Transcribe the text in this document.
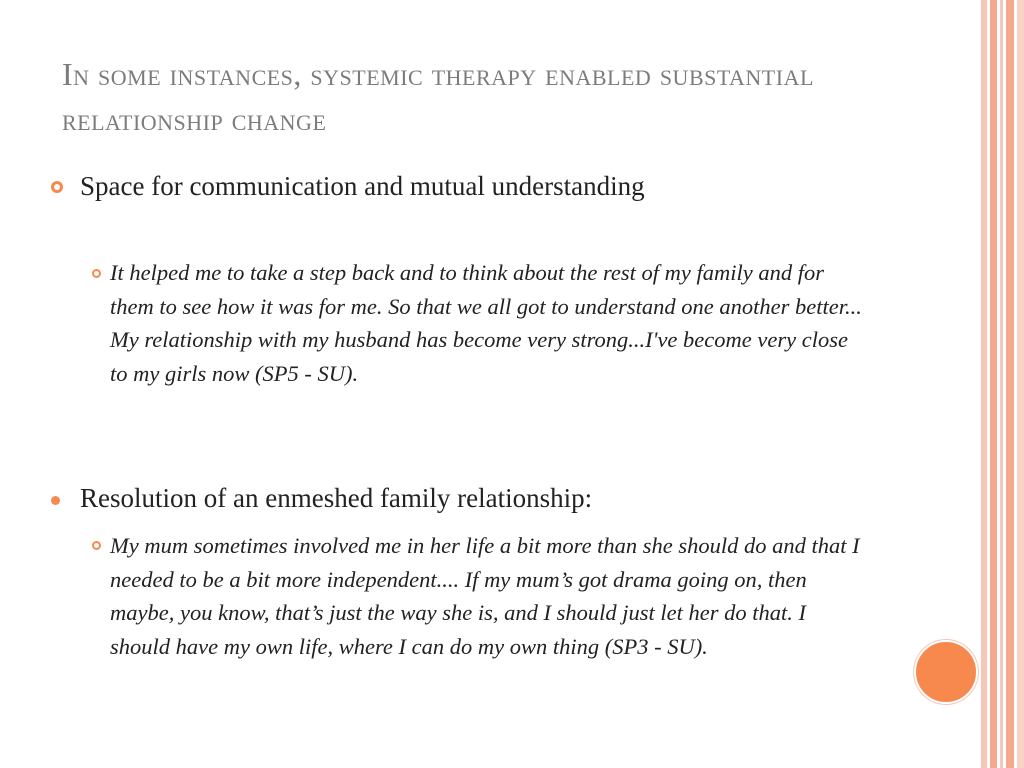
In some instances, systemic therapy enabled substantial relationship change
Space for communication and mutual understanding
It helped me to take a step back and to think about the rest of my family and for them to see how it was for me. So that we all got to understand one another better... My relationship with my husband has become very strong...I've become very close to my girls now (SP5 - SU).
Resolution of an enmeshed family relationship:
My mum sometimes involved me in her life a bit more than she should do and that I needed to be a bit more independent.... If my mum’s got drama going on, then maybe, you know, that’s just the way she is, and I should just let her do that. I should have my own life, where I can do my own thing (SP3 - SU).
